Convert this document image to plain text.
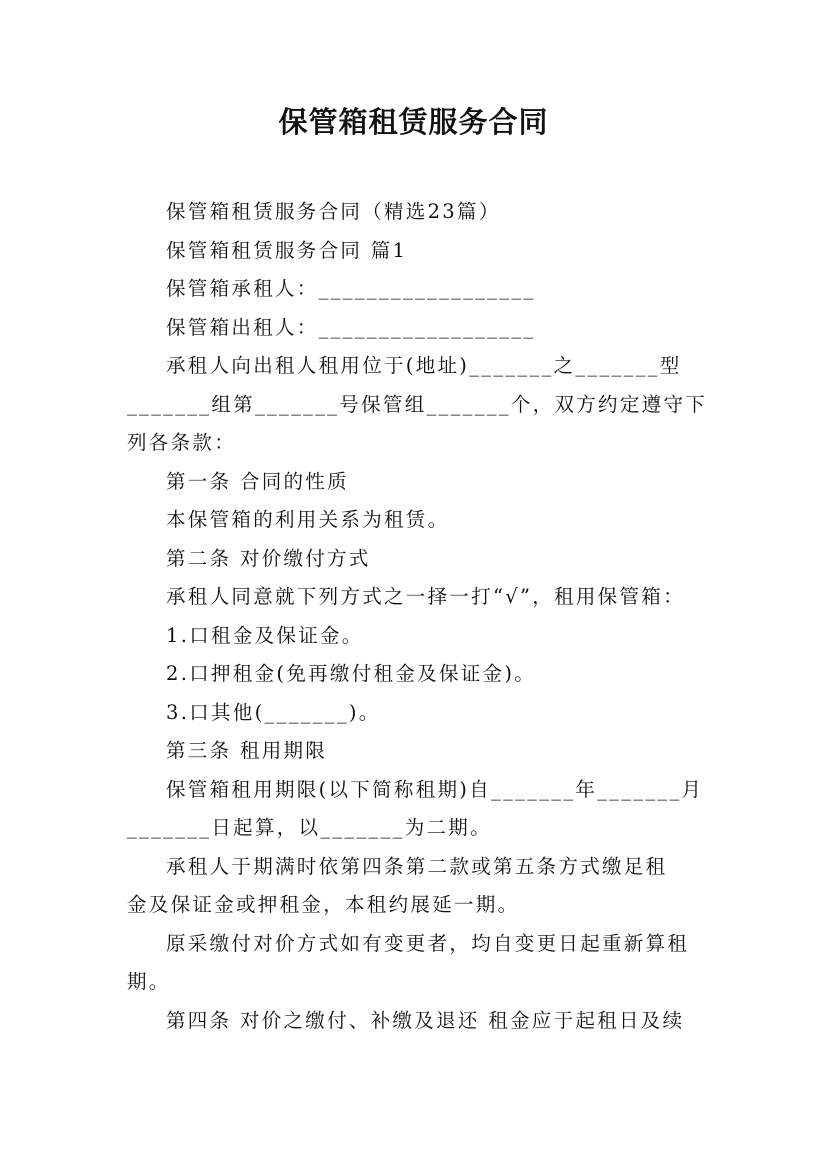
保管箱租赁服务合同

保管箱租赁服务合同（精选23篇）

保管箱租赁服务合同 篇1

保管箱承租人：__________________

保管箱出租人：__________________

承租人向出租人租用位于(地址)_______之_______型

_______组第_______号保管组_______个，双方约定遵守下

列各条款：

第一条 合同的性质

本保管箱的利用关系为租赁。

第二条 对价缴付方式

承租人同意就下列方式之一择一打“√”，租用保管箱：

1.口租金及保证金。

2.口押租金(免再缴付租金及保证金)。

3.口其他(_______)。

第三条 租用期限

保管箱租用期限(以下简称租期)自_______年_______月

_______日起算，以_______为二期。

承租人于期满时依第四条第二款或第五条方式缴足租

金及保证金或押租金，本租约展延一期。

原采缴付对价方式如有变更者，均自变更日起重新算租

期。

第四条 对价之缴付、补缴及退还 租金应于起租日及续
